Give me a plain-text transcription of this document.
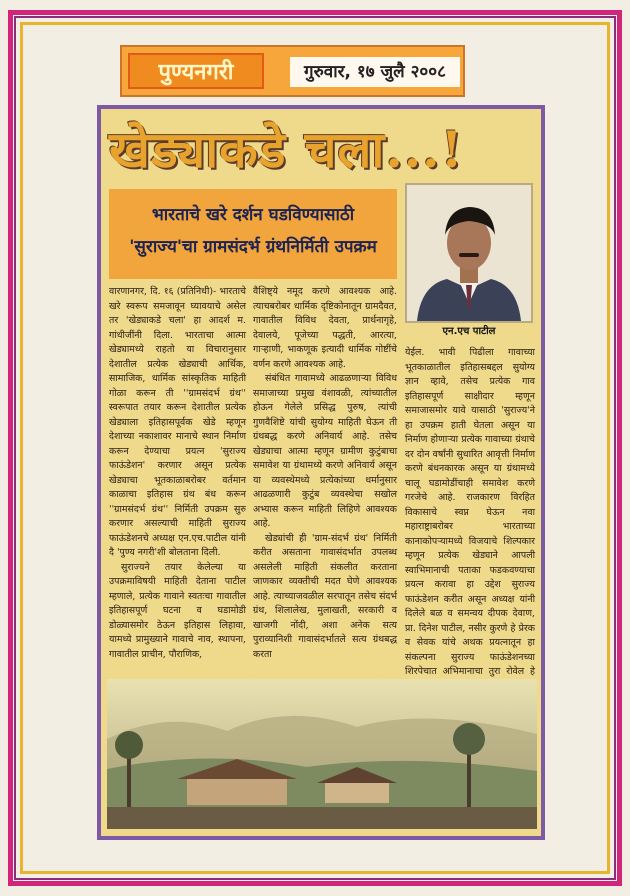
पुण्यनगरी	गुरुवार, १७ जुलै २००८
खेड्याकडे चला...!
भारताचे खरे दर्शन घडविण्यासाठी
'सुराज्य'चा ग्रामसंदर्भ ग्रंथनिर्मिती उपक्रम
एन.एच पाटील

वारणानगर, दि. १६ (प्रतिनिधी)- भारताचे खरे स्वरूप समजावून घ्यावयाचे असेल तर 'खेड्याकडे चला' हा आदर्श म. गांधीजींनी दिला. भारताचा आत्मा खेड्यामध्ये राहतो या विचारानुसार देशातील प्रत्येक खेड्याची आर्थिक, सामाजिक, धार्मिक सांस्कृतिक माहिती गोळा करून ती ''ग्रामसंदर्भ ग्रंथ'' स्वरूपात तयार करून देशातील प्रत्येक खेड्याला इतिहासपूर्वक खेडे म्हणून देशाच्या नकाशावर मानाचे स्थान निर्माण करून देण्याचा प्रयत्न 'सुराज्य फाऊंडेशन' करणार असून प्रत्येक खेड्याचा भूतकाळाबरोबर वर्तमान काळाचा इतिहास ग्रंथ बंध करून ''ग्रामसंदर्भ ग्रंथ'' निर्मिती उपक्रम सुरु करणार असल्याची माहिती सुराज्य फाऊंडेशनचे अध्यक्ष एन.एच.पाटील यांनी दै 'पुण्य नगरी'शी बोलताना दिली.

सुराज्यने तयार केलेल्या या उपक्रमाविषयी माहिती देताना पाटील म्हणाले, प्रत्येक गावाने स्वतःचा गावातील इतिहासपूर्ण घटना व घडामोडी डोळ्यासमोर ठेऊन इतिहास लिहावा, यामध्ये प्रामुख्याने गावाचे नाव, स्थापना, गावातील प्राचीन, पौराणिक,

वैशिष्ट्ये नमूद करणे आवश्यक आहे. त्याचबरोबर धार्मिक दृष्टिकोनातून ग्रामदैवत, गावातील विविध देवता, प्रार्थनागृहे, देवालये, पूजेच्या पद्धती, आरत्या, गाऱ्हाणी, भाकणूक इत्यादी धार्मिक गोष्टींचे वर्णन करणे आवश्यक आहे.

संबंधित गावामध्ये आढळणाऱ्या विविध समाजाच्या प्रमुख वंशावळी, त्यांच्यातील होऊन गेलेले प्रसिद्ध पुरुष, त्यांची गुणवैशिष्टे यांची सुयोग्य माहिती घेऊन ती ग्रंथबद्ध करणे अनिवार्य आहे. तसेच खेड्याचा आत्मा म्हणून ग्रामीण कुटुंबाचा समावेश या ग्रंथामध्ये करणे अनिवार्य असून या व्यवस्थेमध्ये प्रत्येकांच्या धर्मानुसार आढळणारी कुटुंब व्यवस्थेचा सखोल अभ्यास करून माहिती लिहिणे आवश्यक आहे.

खेड्यांची ही 'ग्राम-संदर्भ ग्रंथ' निर्मिती करीत असताना गावासंदर्भात उपलब्ध असलेली माहिती संकलीत करताना जाणकार व्यक्तीची मदत घेणे आवश्यक आहे. त्याच्याजवळील सरपातून तसेच संदर्भ ग्रंथ, शिलालेख, मुलाखती, सरकारी व खाजगी नोंदी, अशा अनेक सत्य पुराव्यानिशी गावासंदर्भातले सत्य ग्रंथबद्ध करता

येईल. भावी पिढीला गावाच्या भूतकाळातील इतिहासबद्दल सुयोग्य ज्ञान व्हावे, तसेच प्रत्येक गाव इतिहासपूर्ण साक्षीदार म्हणून समाजासमोर यावे यासाठी 'सुराज्य'ने हा उपक्रम हाती घेतला असून या निर्माण होणाऱ्या प्रत्येक गावाच्या ग्रंथाचे दर दोन वर्षांनी सुधारित आवृत्ती निर्माण करणे बंधनकारक असून या ग्रंथामध्ये चालू घडामोडींचाही समावेश करणे गरजेचे आहे. राजकारण विरहित विकासाचे स्वप्न घेऊन नवा महाराष्ट्राबरोबर भारताच्या कानाकोपऱ्यामध्ये विजयाचे शिल्पकार म्हणून प्रत्येक खेड्याने आपली स्वाभिमानाची पताका फडकवण्याचा प्रयत्न करावा हा उद्देश सुराज्य फाऊंडेशन करीत असून अध्यक्ष यांनी दिलेले बळ व समन्वय दीपक देवाण, प्रा. दिनेश पाटील, नसीर कुरणे हे प्रेरक व सेवक यांचे अथक प्रयत्नातून हा संकल्पना सुराज्य फाऊंडेशनच्या शिरपेचात अभिमानाचा तुरा रोवेल हे
